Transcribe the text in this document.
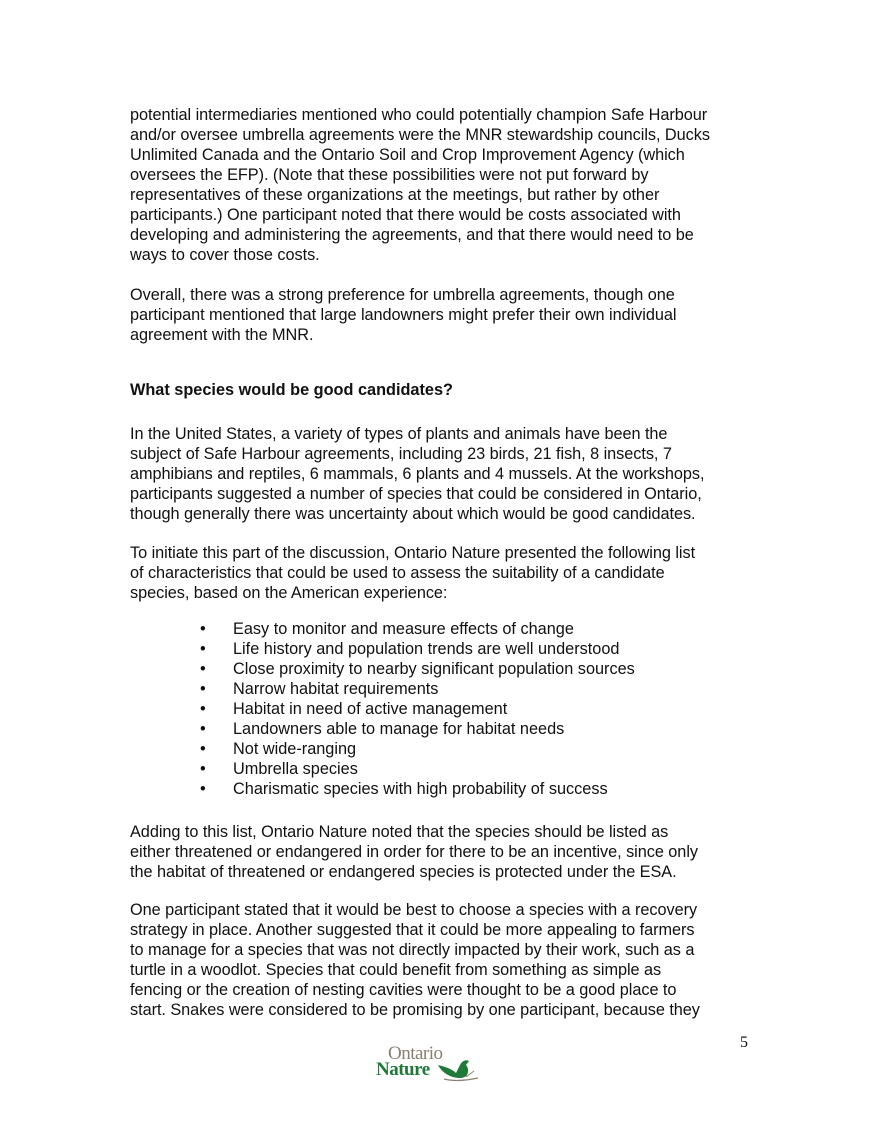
potential intermediaries mentioned who could potentially champion Safe Harbour
and/or oversee umbrella agreements were the MNR stewardship councils, Ducks
Unlimited Canada and the Ontario Soil and Crop Improvement Agency (which
oversees the EFP). (Note that these possibilities were not put forward by
representatives of these organizations at the meetings, but rather by other
participants.) One participant noted that there would be costs associated with
developing and administering the agreements, and that there would need to be
ways to cover those costs.

Overall, there was a strong preference for umbrella agreements, though one
participant mentioned that large landowners might prefer their own individual
agreement with the MNR.

What species would be good candidates?

In the United States, a variety of types of plants and animals have been the
subject of Safe Harbour agreements, including 23 birds, 21 fish, 8 insects, 7
amphibians and reptiles, 6 mammals, 6 plants and 4 mussels. At the workshops,
participants suggested a number of species that could be considered in Ontario,
though generally there was uncertainty about which would be good candidates.

To initiate this part of the discussion, Ontario Nature presented the following list
of characteristics that could be used to assess the suitability of a candidate
species, based on the American experience:

• Easy to monitor and measure effects of change
• Life history and population trends are well understood
• Close proximity to nearby significant population sources
• Narrow habitat requirements
• Habitat in need of active management
• Landowners able to manage for habitat needs
• Not wide-ranging
• Umbrella species
• Charismatic species with high probability of success

Adding to this list, Ontario Nature noted that the species should be listed as
either threatened or endangered in order for there to be an incentive, since only
the habitat of threatened or endangered species is protected under the ESA.

One participant stated that it would be best to choose a species with a recovery
strategy in place. Another suggested that it could be more appealing to farmers
to manage for a species that was not directly impacted by their work, such as a
turtle in a woodlot. Species that could benefit from something as simple as
fencing or the creation of nesting cavities were thought to be a good place to
start. Snakes were considered to be promising by one participant, because they

5
Ontario
Nature
